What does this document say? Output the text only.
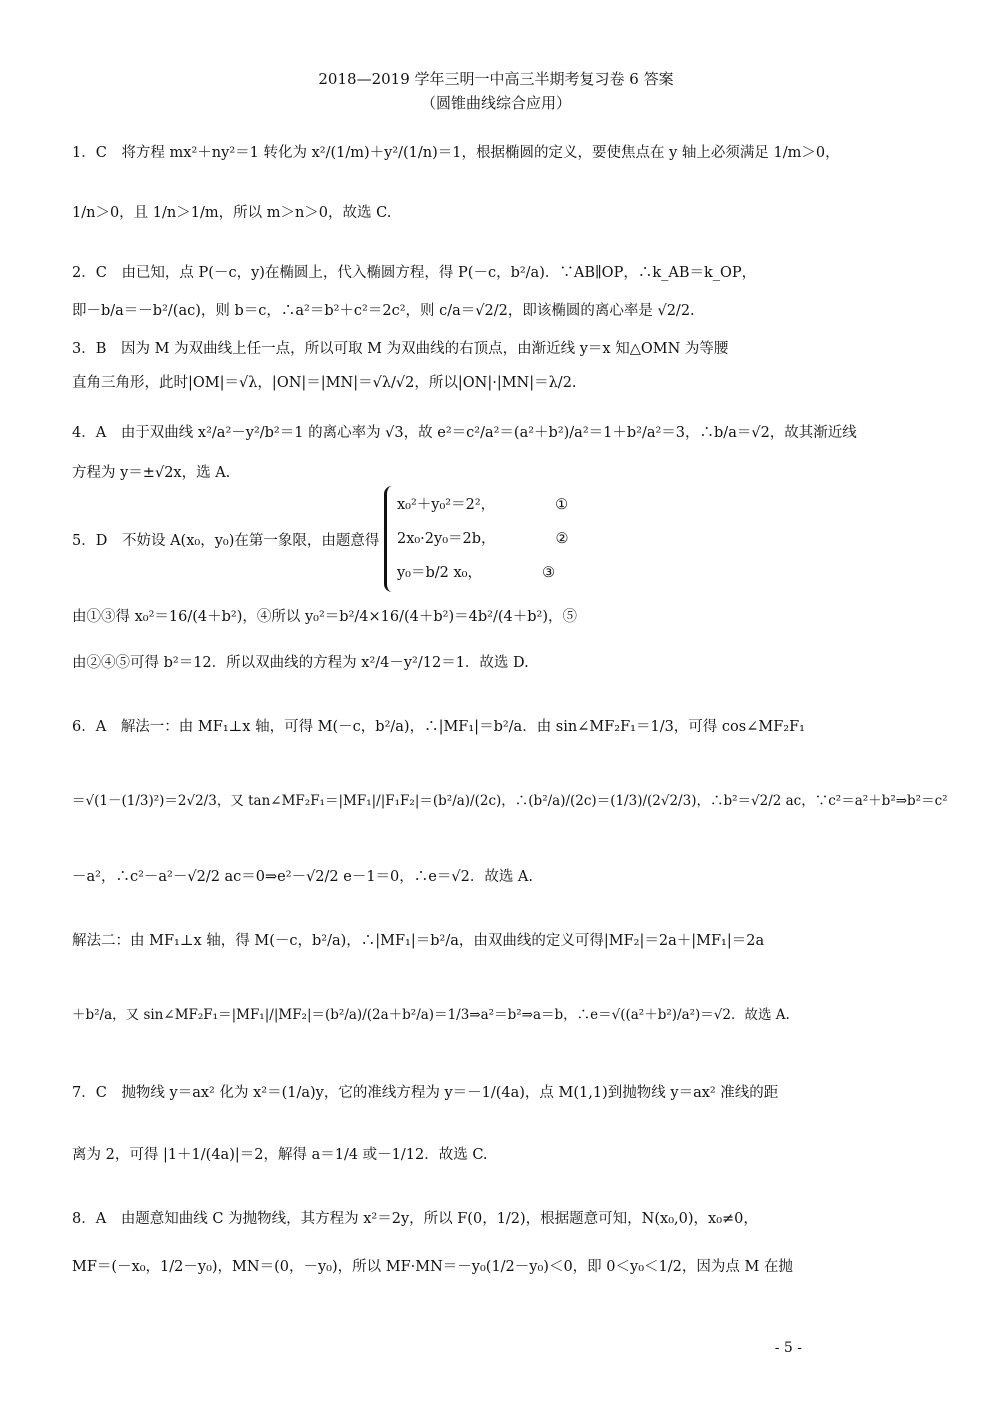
2018—2019 学年三明一中高三半期考复习卷 6 答案
（圆锥曲线综合应用）
1．C 将方程 mx²＋ny²＝1 转化为 x²/(1/m)＋y²/(1/n)＝1，根据椭圆的定义，要使焦点在 y 轴上必须满足 1/m＞0，
1/n＞0，且 1/n＞1/m，所以 m＞n＞0，故选 C.
2．C 由已知，点 P(－c，y)在椭圆上，代入椭圆方程，得 P(－c，b²/a)．∵AB∥OP，∴k_AB＝k_OP，
即－b/a＝－b²/(ac)，则 b＝c，∴a²＝b²＋c²＝2c²，则 c/a＝√2/2，即该椭圆的离心率是 √2/2.
3．B 因为 M 为双曲线上任一点，所以可取 M 为双曲线的右顶点，由渐近线 y＝x 知△OMN 为等腰
直角三角形，此时|OM|＝√λ，|ON|＝|MN|＝√λ/√2，所以|ON|·|MN|＝λ/2.
4．A 由于双曲线 x²/a²－y²/b²＝1 的离心率为 √3，故 e²＝c²/a²＝(a²＋b²)/a²＝1＋b²/a²＝3，∴b/a＝√2，故其渐近线
方程为 y＝±√2x，选 A.
5．D 不妨设 A(x₀，y₀)在第一象限，由题意得
x₀²＋y₀²＝2²，	①
2x₀·2y₀＝2b，	②
y₀＝b/2 x₀，	③
由①③得 x₀²＝16/(4＋b²)，④所以 y₀²＝b²/4×16/(4＋b²)＝4b²/(4＋b²)，⑤
由②④⑤可得 b²＝12．所以双曲线的方程为 x²/4－y²/12＝1．故选 D.
6．A 解法一：由 MF₁⊥x 轴，可得 M(－c，b²/a)，∴|MF₁|＝b²/a．由 sin∠MF₂F₁＝1/3，可得 cos∠MF₂F₁
＝√(1－(1/3)²)＝2√2/3，又 tan∠MF₂F₁＝|MF₁|/|F₁F₂|＝(b²/a)/(2c)，∴(b²/a)/(2c)＝(1/3)/(2√2/3)，∴b²＝√2/2 ac，∵c²＝a²＋b²⇒b²＝c²
－a²，∴c²－a²－√2/2 ac＝0⇒e²－√2/2 e－1＝0，∴e＝√2．故选 A.
解法二：由 MF₁⊥x 轴，得 M(－c，b²/a)，∴|MF₁|＝b²/a，由双曲线的定义可得|MF₂|＝2a＋|MF₁|＝2a
＋b²/a，又 sin∠MF₂F₁＝|MF₁|/|MF₂|＝(b²/a)/(2a＋b²/a)＝1/3⇒a²＝b²⇒a＝b，∴e＝√((a²＋b²)/a²)＝√2．故选 A.
7．C 抛物线 y＝ax² 化为 x²＝(1/a)y，它的准线方程为 y＝－1/(4a)，点 M(1,1)到抛物线 y＝ax² 准线的距
离为 2，可得 |1＋1/(4a)|＝2，解得 a＝1/4 或－1/12．故选 C.
8．A 由题意知曲线 C 为抛物线，其方程为 x²＝2y，所以 F(0，1/2)，根据题意可知，N(x₀,0)，x₀≠0，
MF＝(－x₀，1/2－y₀)，MN＝(0，－y₀)，所以 MF·MN＝－y₀(1/2－y₀)＜0，即 0＜y₀＜1/2，因为点 M 在抛
- 5 -
